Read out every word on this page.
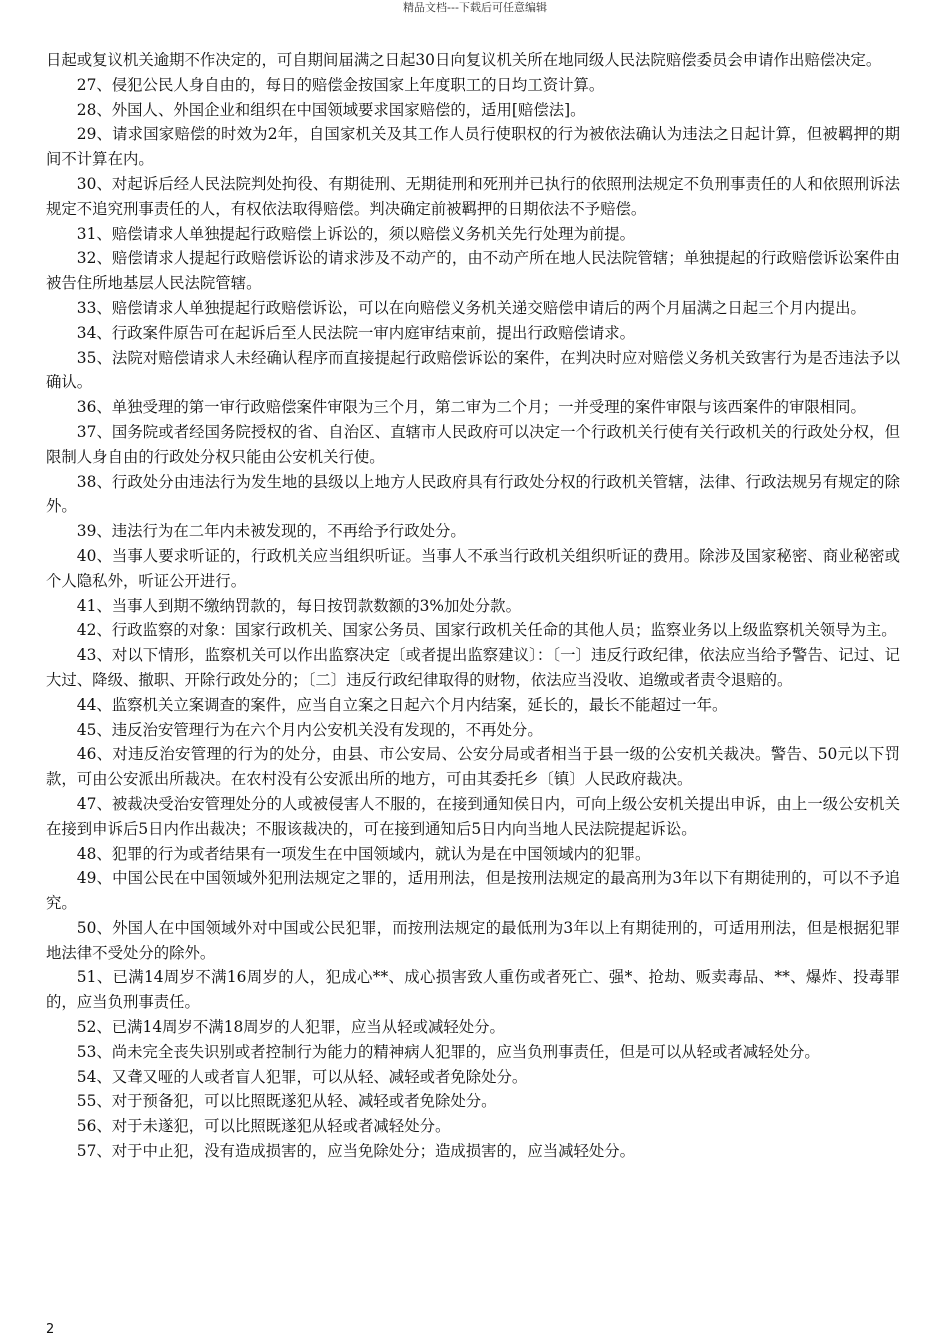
精品文档---下载后可任意编辑

日起或复议机关逾期不作决定的，可自期间届满之日起30日向复议机关所在地同级人民法院赔偿委员会申请作出赔偿决定。

27、侵犯公民人身自由的，每日的赔偿金按国家上年度职工的日均工资计算。

28、外国人、外国企业和组织在中国领域要求国家赔偿的，适用[赔偿法]。

29、请求国家赔偿的时效为2年，自国家机关及其工作人员行使职权的行为被依法确认为违法之日起计算，但被羁押的期间不计算在内。

30、对起诉后经人民法院判处拘役、有期徒刑、无期徒刑和死刑并已执行的依照刑法规定不负刑事责任的人和依照刑诉法规定不追究刑事责任的人，有权依法取得赔偿。判决确定前被羁押的日期依法不予赔偿。

31、赔偿请求人单独提起行政赔偿上诉讼的，须以赔偿义务机关先行处理为前提。

32、赔偿请求人提起行政赔偿诉讼的请求涉及不动产的，由不动产所在地人民法院管辖；单独提起的行政赔偿诉讼案件由被告住所地基层人民法院管辖。

33、赔偿请求人单独提起行政赔偿诉讼，可以在向赔偿义务机关递交赔偿申请后的两个月届满之日起三个月内提出。

34、行政案件原告可在起诉后至人民法院一审内庭审结束前，提出行政赔偿请求。

35、法院对赔偿请求人未经确认程序而直接提起行政赔偿诉讼的案件，在判决时应对赔偿义务机关致害行为是否违法予以确认。

36、单独受理的第一审行政赔偿案件审限为三个月，第二审为二个月；一并受理的案件审限与该西案件的审限相同。

37、国务院或者经国务院授权的省、自治区、直辖市人民政府可以决定一个行政机关行使有关行政机关的行政处分权，但限制人身自由的行政处分权只能由公安机关行使。

38、行政处分由违法行为发生地的县级以上地方人民政府具有行政处分权的行政机关管辖，法律、行政法规另有规定的除外。

39、违法行为在二年内未被发现的，不再给予行政处分。

40、当事人要求听证的，行政机关应当组织听证。当事人不承当行政机关组织听证的费用。除涉及国家秘密、商业秘密或个人隐私外，听证公开进行。

41、当事人到期不缴纳罚款的，每日按罚款数额的3%加处分款。

42、行政监察的对象：国家行政机关、国家公务员、国家行政机关任命的其他人员；监察业务以上级监察机关领导为主。

43、对以下情形，监察机关可以作出监察决定〔或者提出监察建议〕：〔一〕违反行政纪律，依法应当给予警告、记过、记大过、降级、撤职、开除行政处分的；〔二〕违反行政纪律取得的财物，依法应当没收、追缴或者责令退赔的。

44、监察机关立案调查的案件，应当自立案之日起六个月内结案，延长的，最长不能超过一年。

45、违反治安管理行为在六个月内公安机关没有发现的，不再处分。

46、对违反治安管理的行为的处分，由县、市公安局、公安分局或者相当于县一级的公安机关裁决。警告、50元以下罚款，可由公安派出所裁决。在农村没有公安派出所的地方，可由其委托乡〔镇〕人民政府裁决。

47、被裁决受治安管理处分的人或被侵害人不服的，在接到通知侯日内，可向上级公安机关提出申诉，由上一级公安机关在接到申诉后5日内作出裁决；不服该裁决的，可在接到通知后5日内向当地人民法院提起诉讼。

48、犯罪的行为或者结果有一项发生在中国领域内，就认为是在中国领域内的犯罪。

49、中国公民在中国领域外犯刑法规定之罪的，适用刑法，但是按刑法规定的最高刑为3年以下有期徒刑的，可以不予追究。

50、外国人在中国领域外对中国或公民犯罪，而按刑法规定的最低刑为3年以上有期徒刑的，可适用刑法，但是根据犯罪地法律不受处分的除外。

51、已满14周岁不满16周岁的人，犯成心**、成心损害致人重伤或者死亡、强*、抢劫、贩卖毒品、**、爆炸、投毒罪的，应当负刑事责任。

52、已满14周岁不满18周岁的人犯罪，应当从轻或减轻处分。

53、尚未完全丧失识别或者控制行为能力的精神病人犯罪的，应当负刑事责任，但是可以从轻或者减轻处分。

54、又聋又哑的人或者盲人犯罪，可以从轻、减轻或者免除处分。

55、对于预备犯，可以比照既遂犯从轻、减轻或者免除处分。

56、对于未遂犯，可以比照既遂犯从轻或者减轻处分。

57、对于中止犯，没有造成损害的，应当免除处分；造成损害的，应当减轻处分。

2
